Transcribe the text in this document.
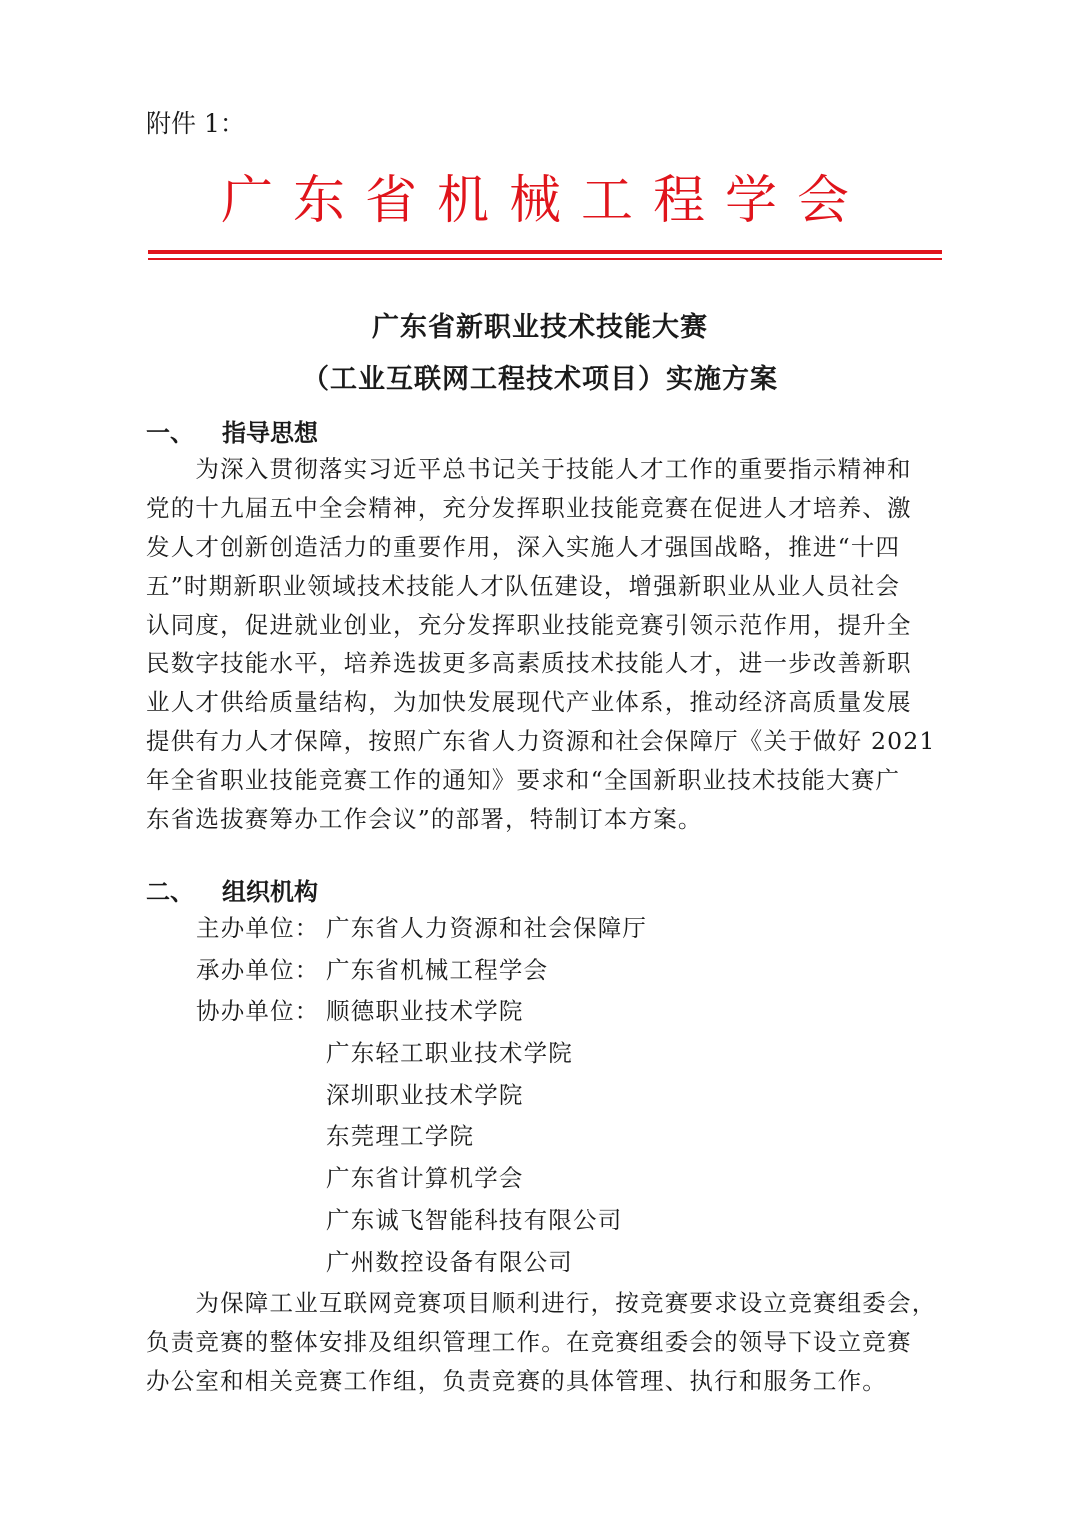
附件 1：
广东省机械工程学会
广东省新职业技术技能大赛
（工业互联网工程技术项目）实施方案
一、 指导思想
　　为深入贯彻落实习近平总书记关于技能人才工作的重要指示精神和
党的十九届五中全会精神，充分发挥职业技能竞赛在促进人才培养、激
发人才创新创造活力的重要作用，深入实施人才强国战略，推进“十四
五”时期新职业领域技术技能人才队伍建设，增强新职业从业人员社会
认同度，促进就业创业，充分发挥职业技能竞赛引领示范作用，提升全
民数字技能水平，培养选拔更多高素质技术技能人才，进一步改善新职
业人才供给质量结构，为加快发展现代产业体系，推动经济高质量发展
提供有力人才保障，按照广东省人力资源和社会保障厅《关于做好 2021
年全省职业技能竞赛工作的通知》要求和“全国新职业技术技能大赛广
东省选拔赛筹办工作会议”的部署，特制订本方案。
二、 组织机构
主办单位： 广东省人力资源和社会保障厅
承办单位： 广东省机械工程学会
协办单位： 顺德职业技术学院
广东轻工职业技术学院
深圳职业技术学院
东莞理工学院
广东省计算机学会
广东诚飞智能科技有限公司
广州数控设备有限公司
　　为保障工业互联网竞赛项目顺利进行，按竞赛要求设立竞赛组委会，
负责竞赛的整体安排及组织管理工作。在竞赛组委会的领导下设立竞赛
办公室和相关竞赛工作组，负责竞赛的具体管理、执行和服务工作。
